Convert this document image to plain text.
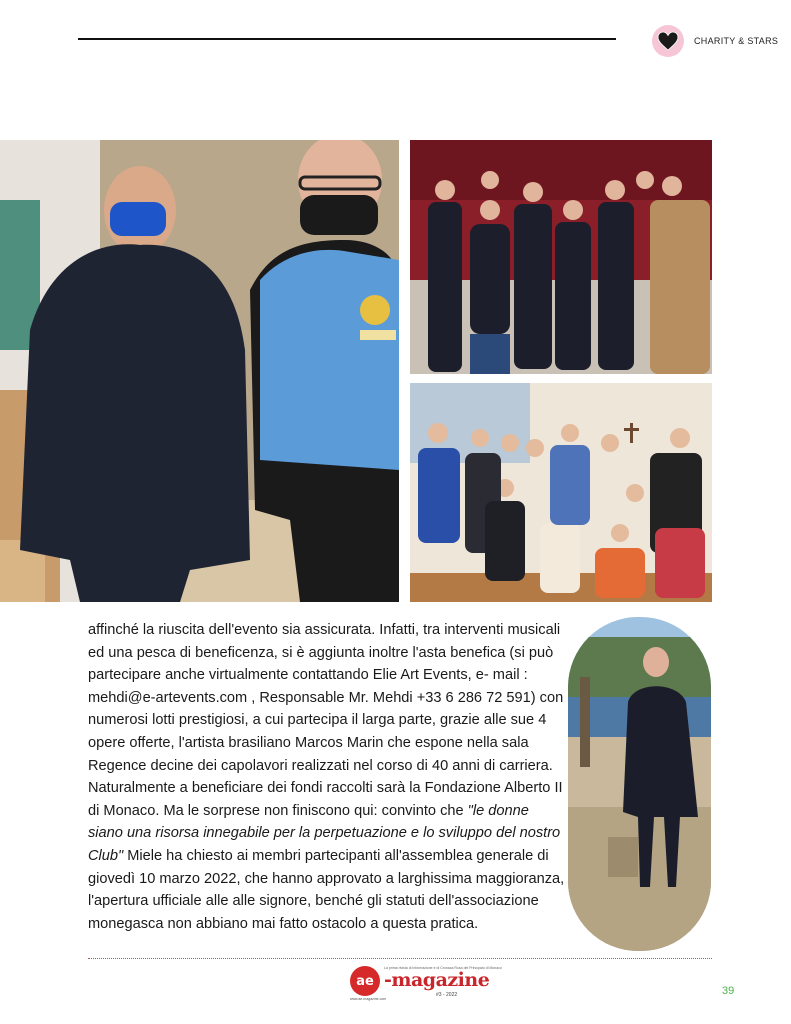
CHARITY & STARS

affinché la riuscita dell'evento sia assicurata. Infatti, tra interventi musicali ed una pesca di beneficenza, si è aggiunta inoltre l'asta benefica (si può partecipare anche virtualmente contattando Elie Art Events, e- mail : mehdi@e-artevents.com , Responsable Mr. Mehdi +33 6 286 72 591) con numerosi lotti prestigiosi, a cui partecipa il larga parte, grazie alle sue 4 opere offerte, l'artista brasiliano Marcos Marin che espone nella sala Regence decine dei capolavori realizzati nel corso di 40 anni di carriera. Naturalmente a beneficiare dei fondi raccolti sarà la Fondazione Alberto II di Monaco. Ma le sorprese non finiscono qui: convinto che "le donne siano una risorsa innegabile per la perpetuazione e lo sviluppo del nostro Club" Miele ha chiesto ai membri partecipanti all'assemblea generale di giovedì 10 marzo 2022, che hanno approvato a larghissima maggioranza, l'apertura ufficiale alle alle signore, benché gli statuti dell'associazione monegasca non abbiano mai fatto ostacolo a questa pratica.

ae
La prima rivista di Informazione e di Cronaca Rosa del Principato di Monaco
-magazine
#3 - 2022
www.ae-magazine.com
39
